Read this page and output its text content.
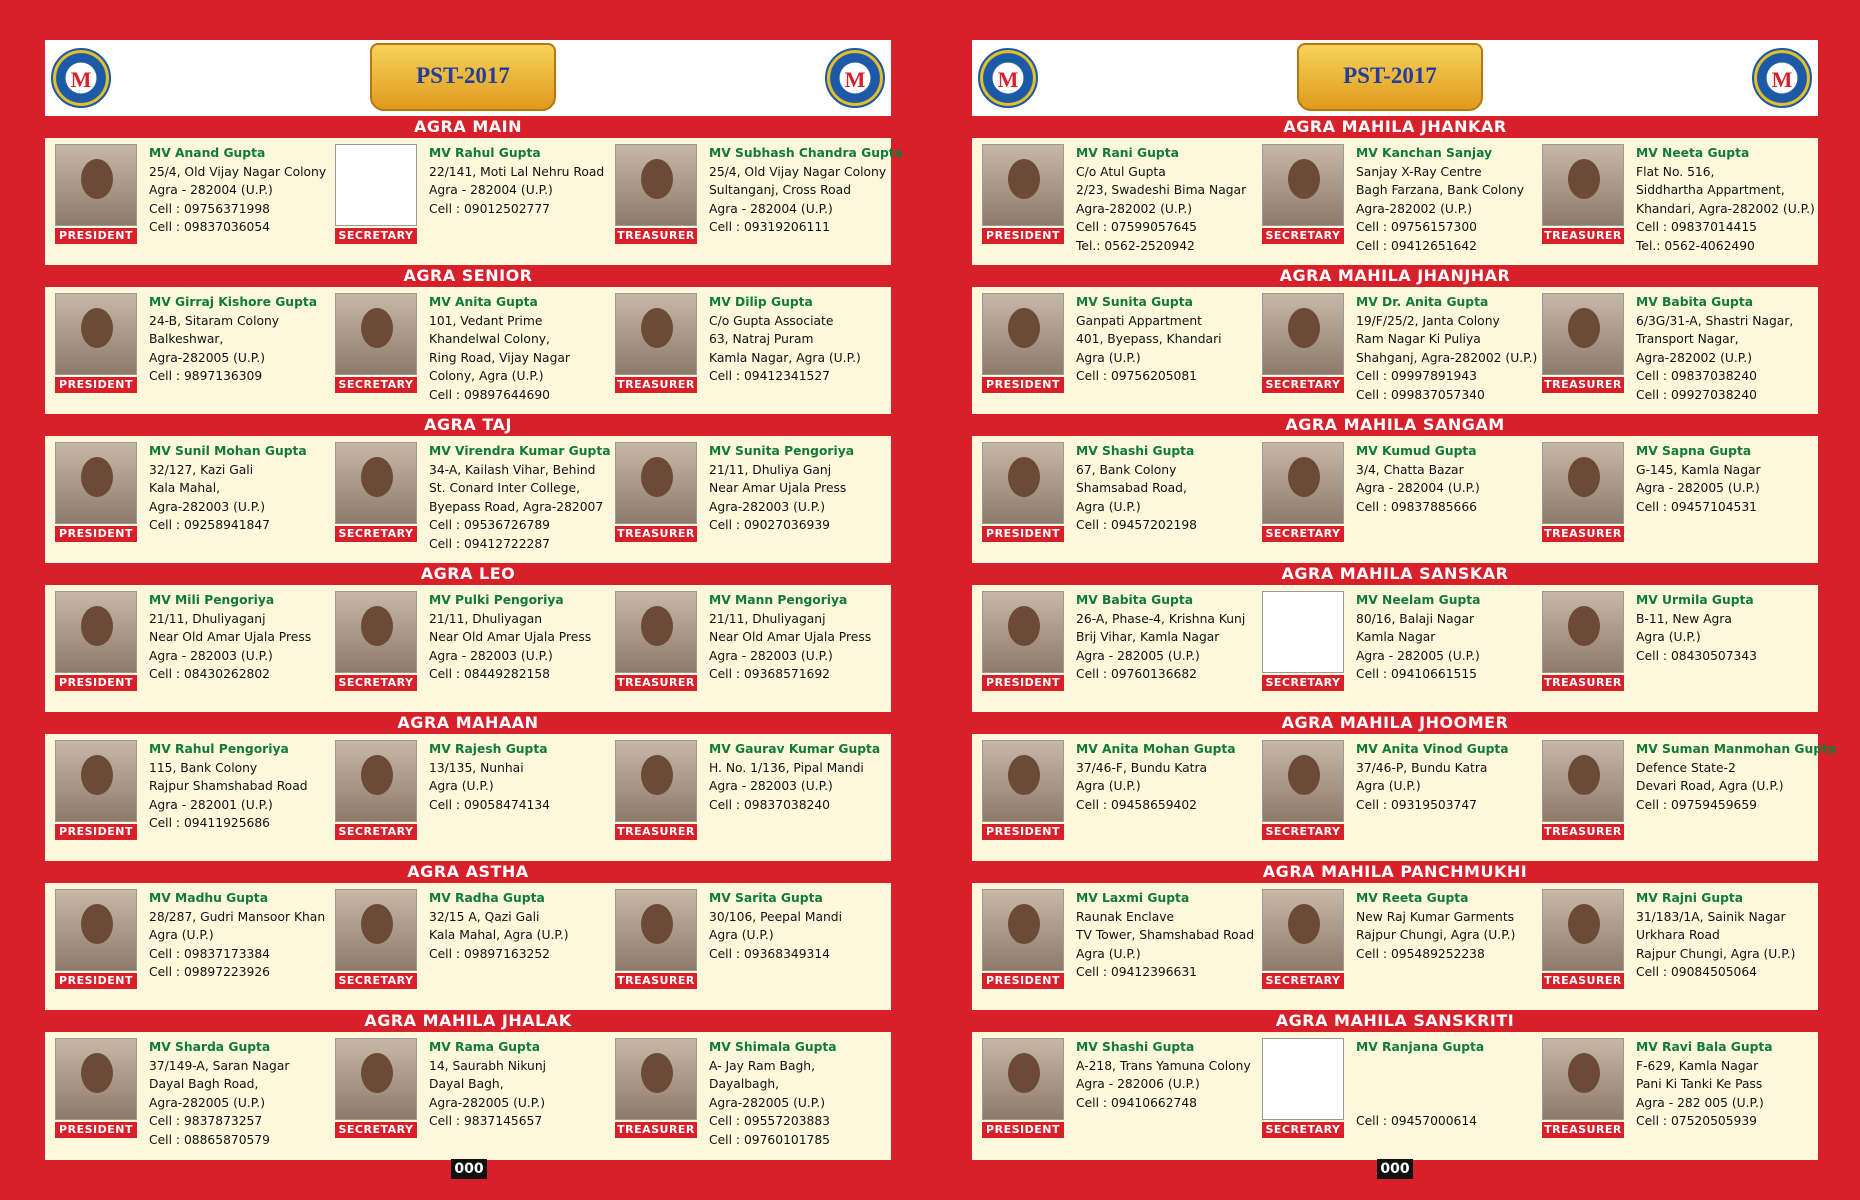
M
PST-2017
M
AGRA MAIN
PRESIDENT
MV Anand Gupta
25/4, Old Vijay Nagar Colony
Agra - 282004 (U.P.)
Cell : 09756371998
Cell : 09837036054
SECRETARY
MV Rahul Gupta
22/141, Moti Lal Nehru Road
Agra - 282004 (U.P.)
Cell : 09012502777
TREASURER
MV Subhash Chandra Gupta
25/4, Old Vijay Nagar Colony
Sultanganj, Cross Road
Agra - 282004 (U.P.)
Cell : 09319206111
AGRA SENIOR
PRESIDENT
MV Girraj Kishore Gupta
24-B, Sitaram Colony
Balkeshwar,
Agra-282005 (U.P.)
Cell : 9897136309
SECRETARY
MV Anita Gupta
101, Vedant Prime
Khandelwal Colony,
Ring Road, Vijay Nagar
Colony, Agra (U.P.)
Cell : 09897644690
TREASURER
MV Dilip Gupta
C/o Gupta Associate
63, Natraj Puram
Kamla Nagar, Agra (U.P.)
Cell : 09412341527
AGRA TAJ
PRESIDENT
MV Sunil Mohan Gupta
32/127, Kazi Gali
Kala Mahal,
Agra-282003 (U.P.)
Cell : 09258941847
SECRETARY
MV Virendra Kumar Gupta
34-A, Kailash Vihar, Behind
St. Conard Inter College,
Byepass Road, Agra-282007
Cell : 09536726789
Cell : 09412722287
TREASURER
MV Sunita Pengoriya
21/11, Dhuliya Ganj
Near Amar Ujala Press
Agra-282003 (U.P.)
Cell : 09027036939
AGRA LEO
PRESIDENT
MV Mili Pengoriya
21/11, Dhuliyaganj
Near Old Amar Ujala Press
Agra - 282003 (U.P.)
Cell : 08430262802
SECRETARY
MV Pulki Pengoriya
21/11, Dhuliyagan
Near Old Amar Ujala Press
Agra - 282003 (U.P.)
Cell : 08449282158
TREASURER
MV Mann Pengoriya
21/11, Dhuliyaganj
Near Old Amar Ujala Press
Agra - 282003 (U.P.)
Cell : 09368571692
AGRA MAHAAN
PRESIDENT
MV Rahul Pengoriya
115, Bank Colony
Rajpur Shamshabad Road
Agra - 282001 (U.P.)
Cell : 09411925686
SECRETARY
MV Rajesh Gupta
13/135, Nunhai
Agra (U.P.)
Cell : 09058474134
TREASURER
MV Gaurav Kumar Gupta
H. No. 1/136, Pipal Mandi
Agra - 282003 (U.P.)
Cell : 09837038240
AGRA ASTHA
PRESIDENT
MV Madhu Gupta
28/287, Gudri Mansoor Khan
Agra (U.P.)
Cell : 09837173384
Cell : 09897223926
SECRETARY
MV Radha Gupta
32/15 A, Qazi Gali
Kala Mahal, Agra (U.P.)
Cell : 09897163252
TREASURER
MV Sarita Gupta
30/106, Peepal Mandi
Agra (U.P.)
Cell : 09368349314
AGRA MAHILA JHALAK
PRESIDENT
MV Sharda Gupta
37/149-A, Saran Nagar
Dayal Bagh Road,
Agra-282005 (U.P.)
Cell : 9837873257
Cell : 08865870579
SECRETARY
MV Rama Gupta
14, Saurabh Nikunj
Dayal Bagh,
Agra-282005 (U.P.)
Cell : 9837145657
TREASURER
MV Shimala Gupta
A- Jay Ram Bagh,
Dayalbagh,
Agra-282005 (U.P.)
Cell : 09557203883
Cell : 09760101785
000
M
PST-2017
M
AGRA MAHILA JHANKAR
PRESIDENT
MV Rani Gupta
C/o Atul Gupta
2/23, Swadeshi Bima Nagar
Agra-282002 (U.P.)
Cell : 07599057645
Tel.: 0562-2520942
SECRETARY
MV Kanchan Sanjay
Sanjay X-Ray Centre
Bagh Farzana, Bank Colony
Agra-282002 (U.P.)
Cell : 09756157300
Cell : 09412651642
TREASURER
MV Neeta Gupta
Flat No. 516,
Siddhartha Appartment,
Khandari, Agra-282002 (U.P.)
Cell : 09837014415
Tel.: 0562-4062490
AGRA MAHILA JHANJHAR
PRESIDENT
MV Sunita Gupta
Ganpati Appartment
401, Byepass, Khandari
Agra (U.P.)
Cell : 09756205081
SECRETARY
MV Dr. Anita Gupta
19/F/25/2, Janta Colony
Ram Nagar Ki Puliya
Shahganj, Agra-282002 (U.P.)
Cell : 09997891943
Cell : 099837057340
TREASURER
MV Babita Gupta
6/3G/31-A, Shastri Nagar,
Transport Nagar,
Agra-282002 (U.P.)
Cell : 09837038240
Cell : 09927038240
AGRA MAHILA SANGAM
PRESIDENT
MV Shashi Gupta
67, Bank Colony
Shamsabad Road,
Agra (U.P.)
Cell : 09457202198
SECRETARY
MV Kumud Gupta
3/4, Chatta Bazar
Agra - 282004 (U.P.)
Cell : 09837885666
TREASURER
MV Sapna Gupta
G-145, Kamla Nagar
Agra - 282005 (U.P.)
Cell : 09457104531
AGRA MAHILA SANSKAR
PRESIDENT
MV Babita Gupta
26-A, Phase-4, Krishna Kunj
Brij Vihar, Kamla Nagar
Agra - 282005 (U.P.)
Cell : 09760136682
SECRETARY
MV Neelam Gupta
80/16, Balaji Nagar
Kamla Nagar
Agra - 282005 (U.P.)
Cell : 09410661515
TREASURER
MV Urmila Gupta
B-11, New Agra
Agra (U.P.)
Cell : 08430507343
AGRA MAHILA JHOOMER
PRESIDENT
MV Anita Mohan Gupta
37/46-F, Bundu Katra
Agra (U.P.)
Cell : 09458659402
SECRETARY
MV Anita Vinod Gupta
37/46-P, Bundu Katra
Agra (U.P.)
Cell : 09319503747
TREASURER
MV Suman Manmohan Gupta
Defence State-2
Devari Road, Agra (U.P.)
Cell : 09759459659
AGRA MAHILA PANCHMUKHI
PRESIDENT
MV Laxmi Gupta
Raunak Enclave
TV Tower, Shamshabad Road
Agra (U.P.)
Cell : 09412396631
SECRETARY
MV Reeta Gupta
New Raj Kumar Garments
Rajpur Chungi, Agra (U.P.)
Cell : 095489252238
TREASURER
MV Rajni Gupta
31/183/1A, Sainik Nagar
Urkhara Road
Rajpur Chungi, Agra (U.P.)
Cell : 09084505064
AGRA MAHILA SANSKRITI
PRESIDENT
MV Shashi Gupta
A-218, Trans Yamuna Colony
Agra - 282006 (U.P.)
Cell : 09410662748
SECRETARY
MV Ranjana Gupta

Cell : 09457000614
TREASURER
MV Ravi Bala Gupta
F-629, Kamla Nagar
Pani Ki Tanki Ke Pass
Agra - 282 005 (U.P.)
Cell : 07520505939
000
